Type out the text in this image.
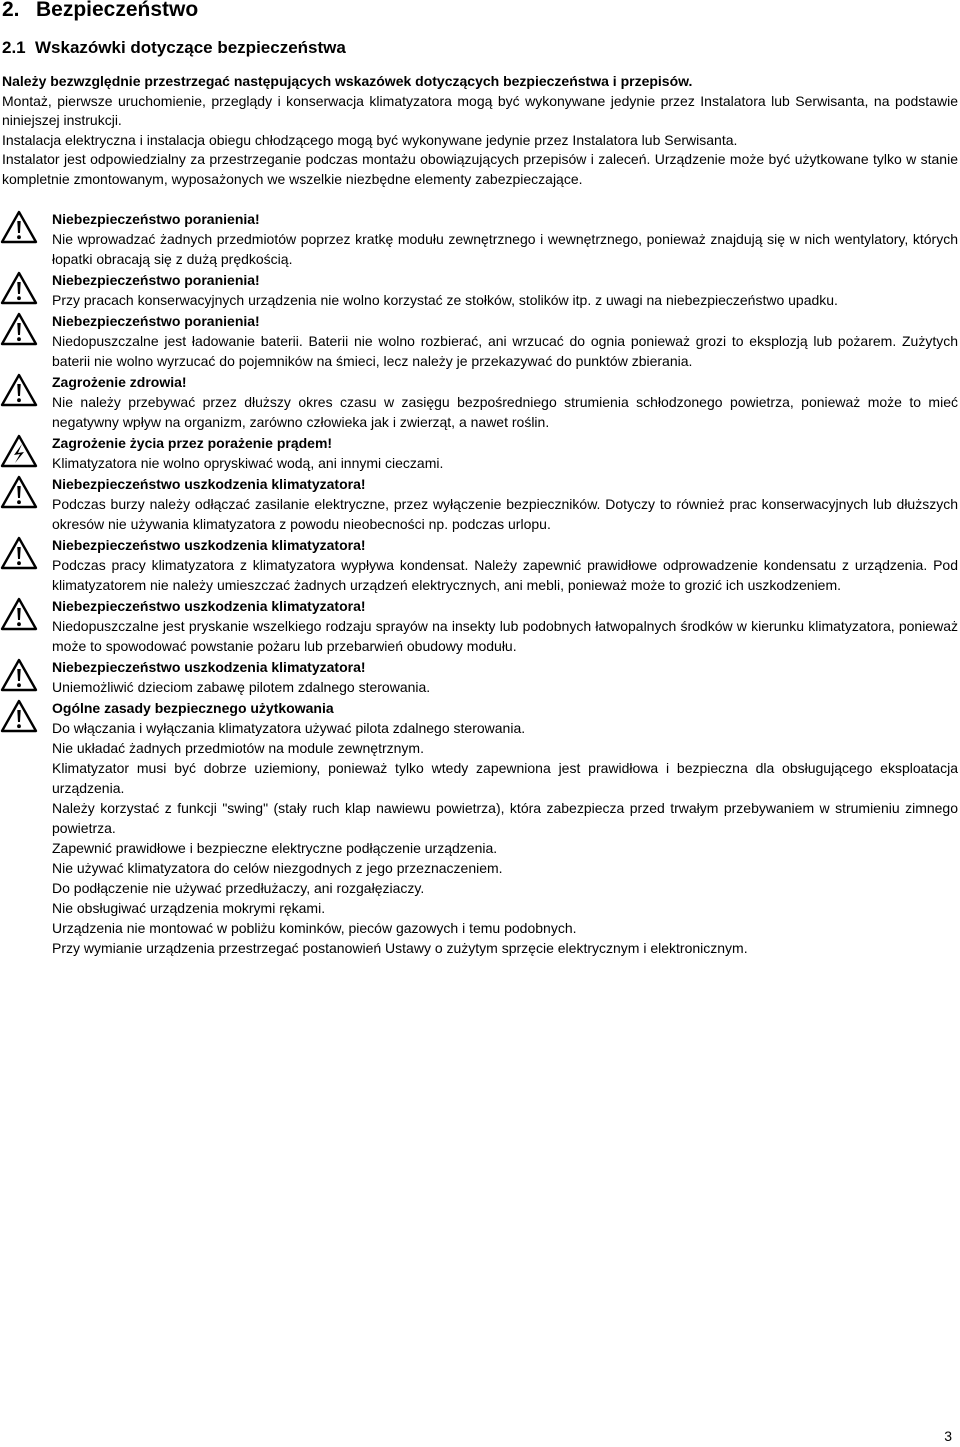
2. Bezpieczeństwo
2.1 Wskazówki dotyczące bezpieczeństwa

Należy bezwzględnie przestrzegać następujących wskazówek dotyczących bezpieczeństwa i przepisów.

Montaż, pierwsze uruchomienie, przeglądy i konserwacja klimatyzatora mogą być wykonywane jedynie przez Instalatora lub Serwisanta, na podstawie niniejszej instrukcji.

Instalacja elektryczna i instalacja obiegu chłodzącego mogą być wykonywane jedynie przez Instalatora lub Serwisanta.

Instalator jest odpowiedzialny za przestrzeganie podczas montażu obowiązujących przepisów i zaleceń. Urządzenie może być użytkowane tylko w stanie kompletnie zmontowanym, wyposażonych we wszelkie niezbędne elementy zabezpieczające.

Niebezpieczeństwo poranienia!

Nie wprowadzać żadnych przedmiotów poprzez kratkę modułu zewnętrznego i wewnętrznego, ponieważ znajdują się w nich wentylatory, których łopatki obracają się z dużą prędkością.

Niebezpieczeństwo poranienia!

Przy pracach konserwacyjnych urządzenia nie wolno korzystać ze stołków, stolików itp. z uwagi na niebezpieczeństwo upadku.

Niebezpieczeństwo poranienia!

Niedopuszczalne jest ładowanie baterii. Baterii nie wolno rozbierać, ani wrzucać do ognia ponieważ grozi to eksplozją lub pożarem. Zużytych baterii nie wolno wyrzucać do pojemników na śmieci, lecz należy je przekazywać do punktów zbierania.

Zagrożenie zdrowia!

Nie należy przebywać przez dłuższy okres czasu w zasięgu bezpośredniego strumienia schłodzonego powietrza, ponieważ może to mieć negatywny wpływ na organizm, zarówno człowieka jak i zwierząt, a nawet roślin.

Zagrożenie życia przez porażenie prądem!

Klimatyzatora nie wolno opryskiwać wodą, ani innymi cieczami.

Niebezpieczeństwo uszkodzenia klimatyzatora!

Podczas burzy należy odłączać zasilanie elektryczne, przez wyłączenie bezpieczników. Dotyczy to również prac konserwacyjnych lub dłuższych okresów nie używania klimatyzatora z powodu nieobecności np. podczas urlopu.

Niebezpieczeństwo uszkodzenia klimatyzatora!

Podczas pracy klimatyzatora z klimatyzatora wypływa kondensat. Należy zapewnić prawidłowe odprowadzenie kondensatu z urządzenia. Pod klimatyzatorem nie należy umieszczać żadnych urządzeń elektrycznych, ani mebli, ponieważ może to grozić ich uszkodzeniem.

Niebezpieczeństwo uszkodzenia klimatyzatora!

Niedopuszczalne jest pryskanie wszelkiego rodzaju sprayów na insekty lub podobnych łatwopalnych środków w kierunku klimatyzatora, ponieważ może to spowodować powstanie pożaru lub przebarwień obudowy modułu.

Niebezpieczeństwo uszkodzenia klimatyzatora!

Uniemożliwić dzieciom zabawę pilotem zdalnego sterowania.

Ogólne zasady bezpiecznego użytkowania

Do włączania i wyłączania klimatyzatora używać pilota zdalnego sterowania.

Nie układać żadnych przedmiotów na module zewnętrznym.

Klimatyzator musi być dobrze uziemiony, ponieważ tylko wtedy zapewniona jest prawidłowa i bezpieczna dla obsługującego eksploatacja urządzenia.

Należy korzystać z funkcji "swing" (stały ruch klap nawiewu powietrza), która zabezpiecza przed trwałym przebywaniem w strumieniu zimnego powietrza.

Zapewnić prawidłowe i bezpieczne elektryczne podłączenie urządzenia.

Nie używać klimatyzatora do celów niezgodnych z jego przeznaczeniem.

Do podłączenie nie używać przedłużaczy, ani rozgałęziaczy.

Nie obsługiwać urządzenia mokrymi rękami.

Urządzenia nie montować w pobliżu kominków, pieców gazowych i temu podobnych.

Przy wymianie urządzenia przestrzegać postanowień Ustawy o zużytym sprzęcie elektrycznym i elektronicznym.

3
